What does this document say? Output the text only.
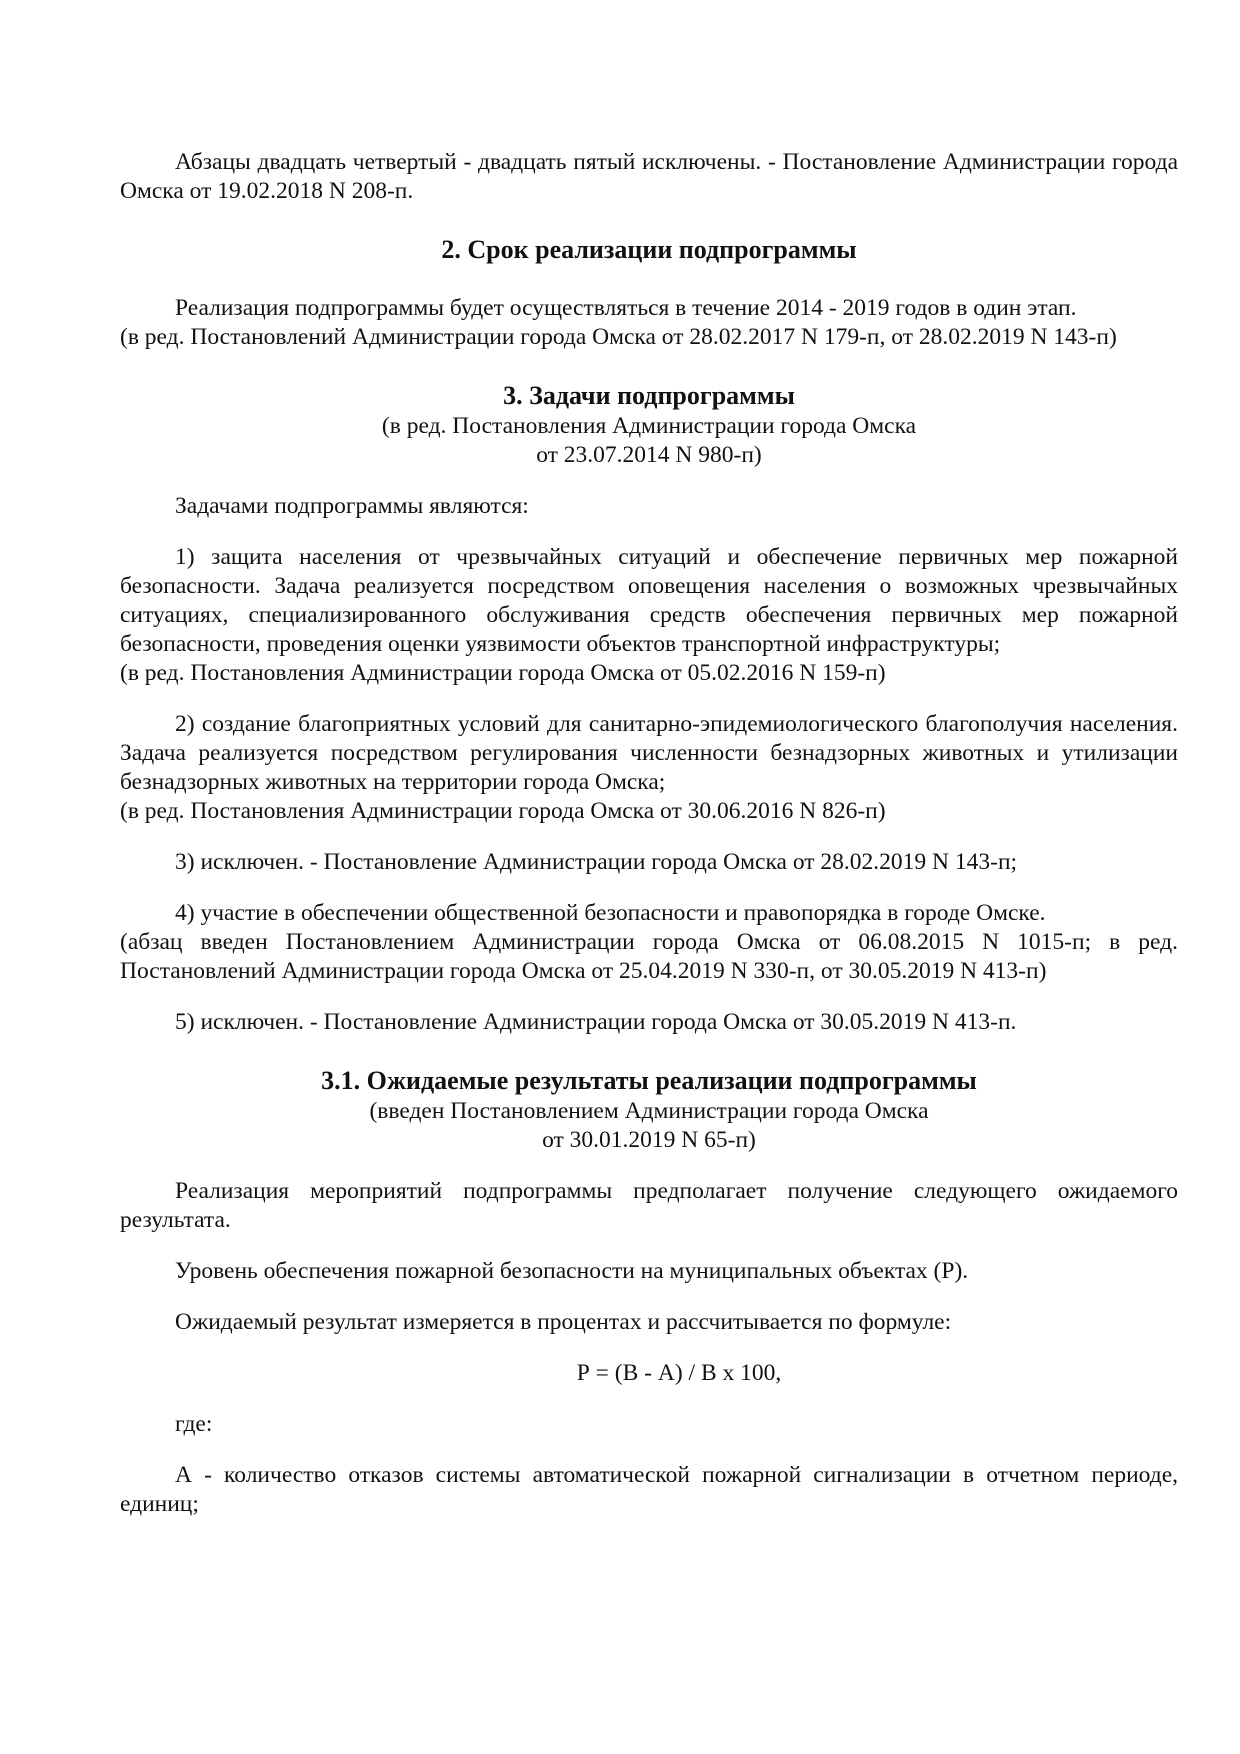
Абзацы двадцать четвертый - двадцать пятый исключены. - Постановление Администрации города Омска от 19.02.2018 N 208-п.

2. Срок реализации подпрограммы

Реализация подпрограммы будет осуществляться в течение 2014 - 2019 годов в один этап.

(в ред. Постановлений Администрации города Омска от 28.02.2017 N 179-п, от 28.02.2019 N 143-п)

3. Задачи подпрограммы

(в ред. Постановления Администрации города Омска

от 23.07.2014 N 980-п)

Задачами подпрограммы являются:

1) защита населения от чрезвычайных ситуаций и обеспечение первичных мер пожарной безопасности. Задача реализуется посредством оповещения населения о возможных чрезвычайных ситуациях, специализированного обслуживания средств обеспечения первичных мер пожарной безопасности, проведения оценки уязвимости объектов транспортной инфраструктуры;

(в ред. Постановления Администрации города Омска от 05.02.2016 N 159-п)

2) создание благоприятных условий для санитарно-эпидемиологического благополучия населения. Задача реализуется посредством регулирования численности безнадзорных животных и утилизации безнадзорных животных на территории города Омска;

(в ред. Постановления Администрации города Омска от 30.06.2016 N 826-п)

3) исключен. - Постановление Администрации города Омска от 28.02.2019 N 143-п;

4) участие в обеспечении общественной безопасности и правопорядка в городе Омске.

(абзац введен Постановлением Администрации города Омска от 06.08.2015 N 1015-п; в ред. Постановлений Администрации города Омска от 25.04.2019 N 330-п, от 30.05.2019 N 413-п)

5) исключен. - Постановление Администрации города Омска от 30.05.2019 N 413-п.

3.1. Ожидаемые результаты реализации подпрограммы

(введен Постановлением Администрации города Омска

от 30.01.2019 N 65-п)

Реализация мероприятий подпрограммы предполагает получение следующего ожидаемого результата.

Уровень обеспечения пожарной безопасности на муниципальных объектах (Р).

Ожидаемый результат измеряется в процентах и рассчитывается по формуле:

Р = (В - А) / В x 100,

где:

А - количество отказов системы автоматической пожарной сигнализации в отчетном периоде, единиц;
